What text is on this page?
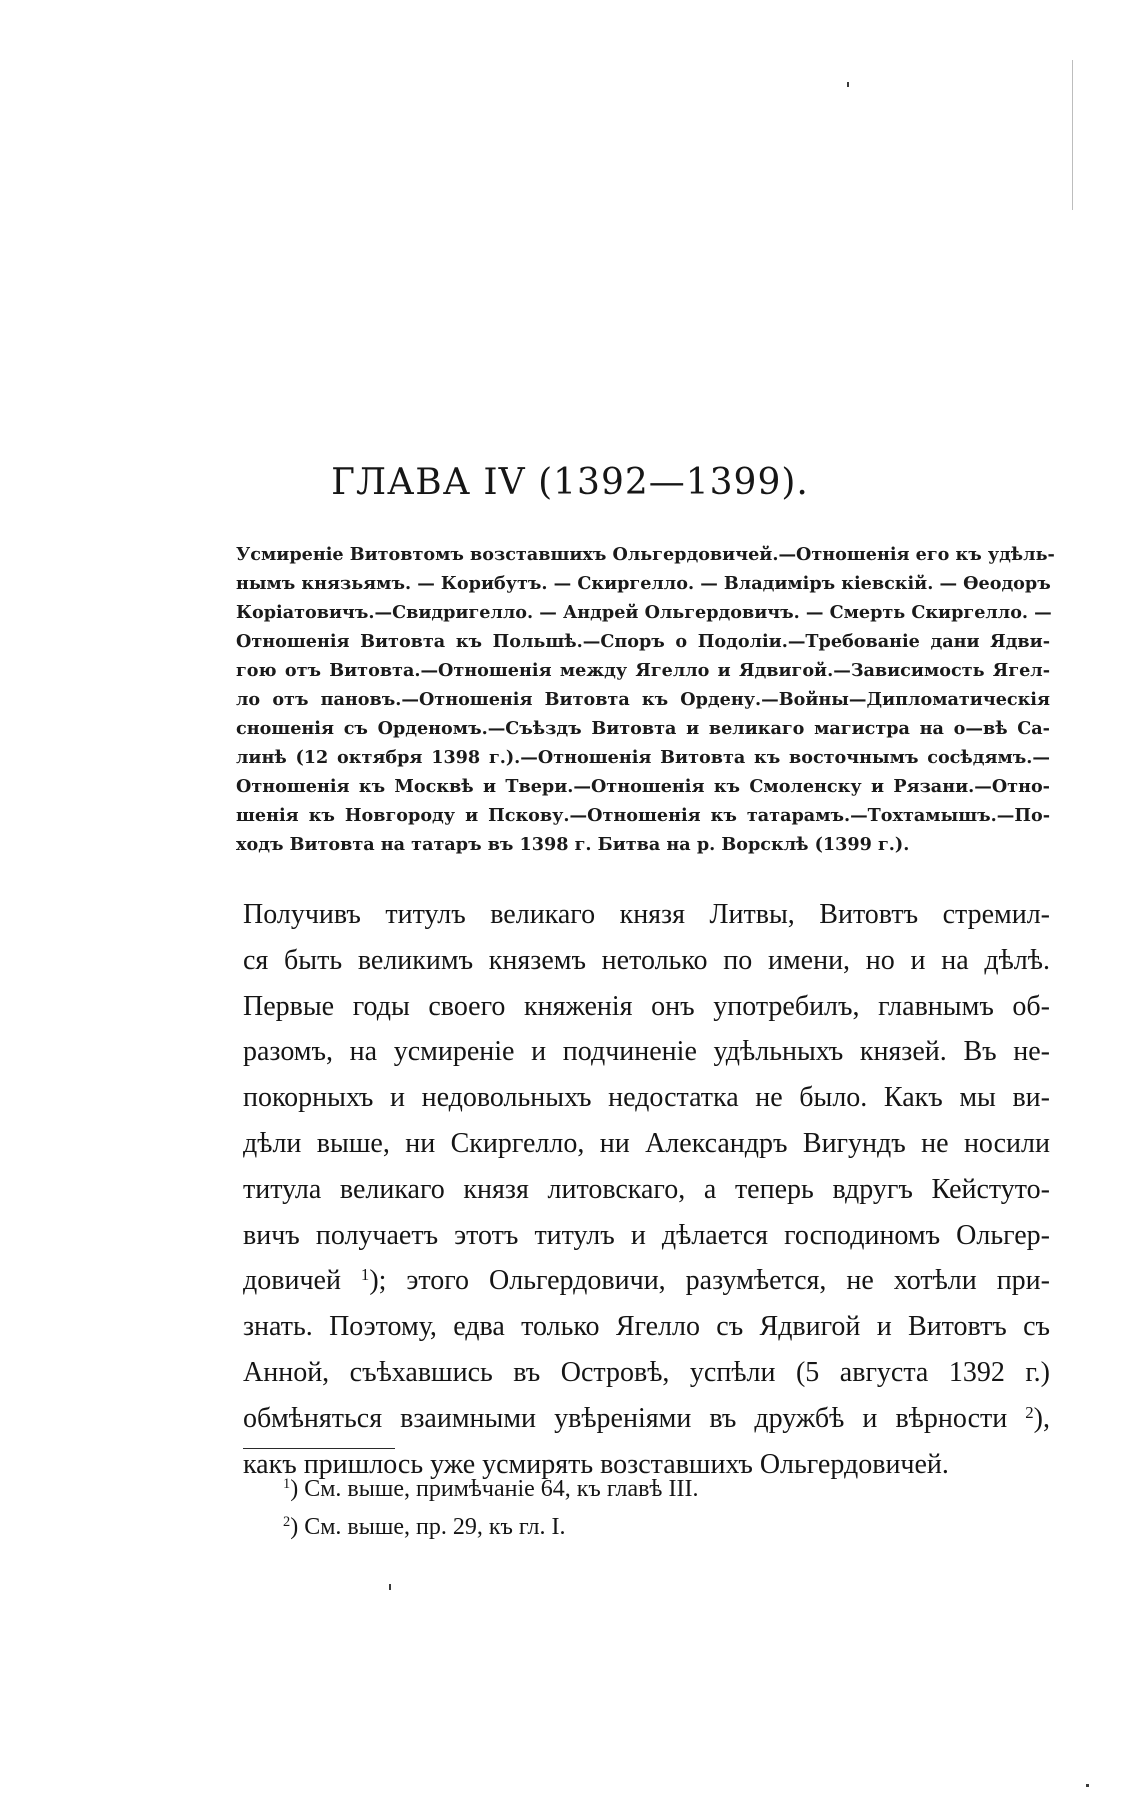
ГЛАВА IV (1392—1399).
Усмиреніе Витовтомъ возставшихъ Ольгердовичей.—Отношенія его къ удѣль-
нымъ князьямъ. — Корибутъ. — Скиргелло. — Владиміръ кіевскій. — Өеодоръ
Коріатовичъ.—Свидригелло. — Андрей Ольгердовичъ. — Смерть Скиргелло. —
Отношенія Витовта къ Польшѣ.—Споръ о Подоліи.—Требованіе дани Ядви-
гою отъ Витовта.—Отношенія между Ягелло и Ядвигой.—Зависимость Ягел-
ло отъ пановъ.—Отношенія Витовта къ Ордену.—Войны—Дипломатическія
сношенія съ Орденомъ.—Съѣздъ Витовта и великаго магистра на о—вѣ Са-
линѣ (12 октября 1398 г.).—Отношенія Витовта къ восточнымъ сосѣдямъ.—
Отношенія къ Москвѣ и Твери.—Отношенія къ Смоленску и Рязани.—Отно-
шенія къ Новгороду и Пскову.—Отношенія къ татарамъ.—Тохтамышъ.—По-
ходъ Витовта на татаръ въ 1398 г. Битва на р. Ворсклѣ (1399 г.).
Получивъ титулъ великаго князя Литвы, Витовтъ стремил-
ся быть великимъ княземъ нетолько по имени, но и на дѣлѣ.
Первые годы своего княженія онъ употребилъ, главнымъ об-
разомъ, на усмиреніе и подчиненіе удѣльныхъ князей. Въ не-
покорныхъ и недовольныхъ недостатка не было. Какъ мы ви-
дѣли выше, ни Скиргелло, ни Александръ Вигундъ не носили
титула великаго князя литовскаго, а теперь вдругъ Кейстуто-
вичъ получаетъ этотъ титулъ и дѣлается господиномъ Ольгер-
довичей $^1$); этого Ольгердовичи, разумѣется, не хотѣли при-
знать. Поэтому, едва только Ягелло съ Ядвигой и Витовтъ съ
Анной, съѣхавшись въ Островѣ, успѣли (5 августа 1392 г.)
обмѣняться взаимными увѣреніями въ дружбѣ и вѣрности $^2$),
какъ пришлось уже усмирять возставшихъ Ольгердовичей.
$^1$) См. выше, примѣчаніе 64, къ главѣ III.
$^2$) См. выше, пр. 29, къ гл. I.
